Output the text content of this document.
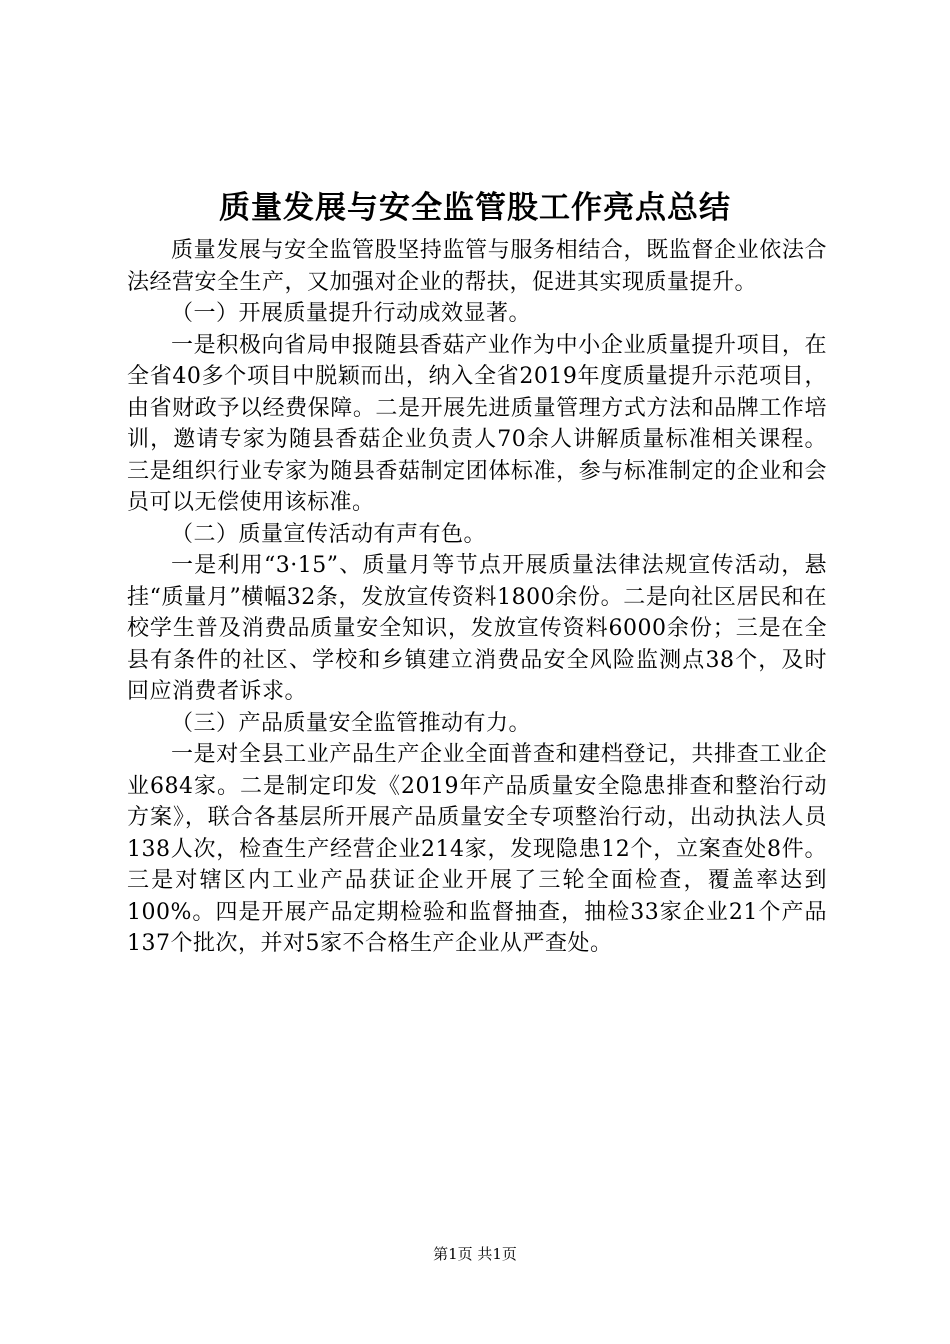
质量发展与安全监管股工作亮点总结

质量发展与安全监管股坚持监管与服务相结合，既监督企业依法合法经营安全生产，又加强对企业的帮扶，促进其实现质量提升。

（一）开展质量提升行动成效显著。

一是积极向省局申报随县香菇产业作为中小企业质量提升项目，在全省40多个项目中脱颖而出，纳入全省2019年度质量提升示范项目，由省财政予以经费保障。二是开展先进质量管理方式方法和品牌工作培训，邀请专家为随县香菇企业负责人70余人讲解质量标准相关课程。三是组织行业专家为随县香菇制定团体标准，参与标准制定的企业和会员可以无偿使用该标准。

（二）质量宣传活动有声有色。

一是利用“3·15”、质量月等节点开展质量法律法规宣传活动，悬挂“质量月”横幅32条，发放宣传资料1800余份。二是向社区居民和在校学生普及消费品质量安全知识，发放宣传资料6000余份；三是在全县有条件的社区、学校和乡镇建立消费品安全风险监测点38个，及时回应消费者诉求。

（三）产品质量安全监管推动有力。

一是对全县工业产品生产企业全面普查和建档登记，共排查工业企业684家。二是制定印发《2019年产品质量安全隐患排查和整治行动方案》，联合各基层所开展产品质量安全专项整治行动，出动执法人员138人次，检查生产经营企业214家，发现隐患12个，立案查处8件。三是对辖区内工业产品获证企业开展了三轮全面检查，覆盖率达到100%。四是开展产品定期检验和监督抽查，抽检33家企业21个产品137个批次，并对5家不合格生产企业从严查处。

第1页 共1页
